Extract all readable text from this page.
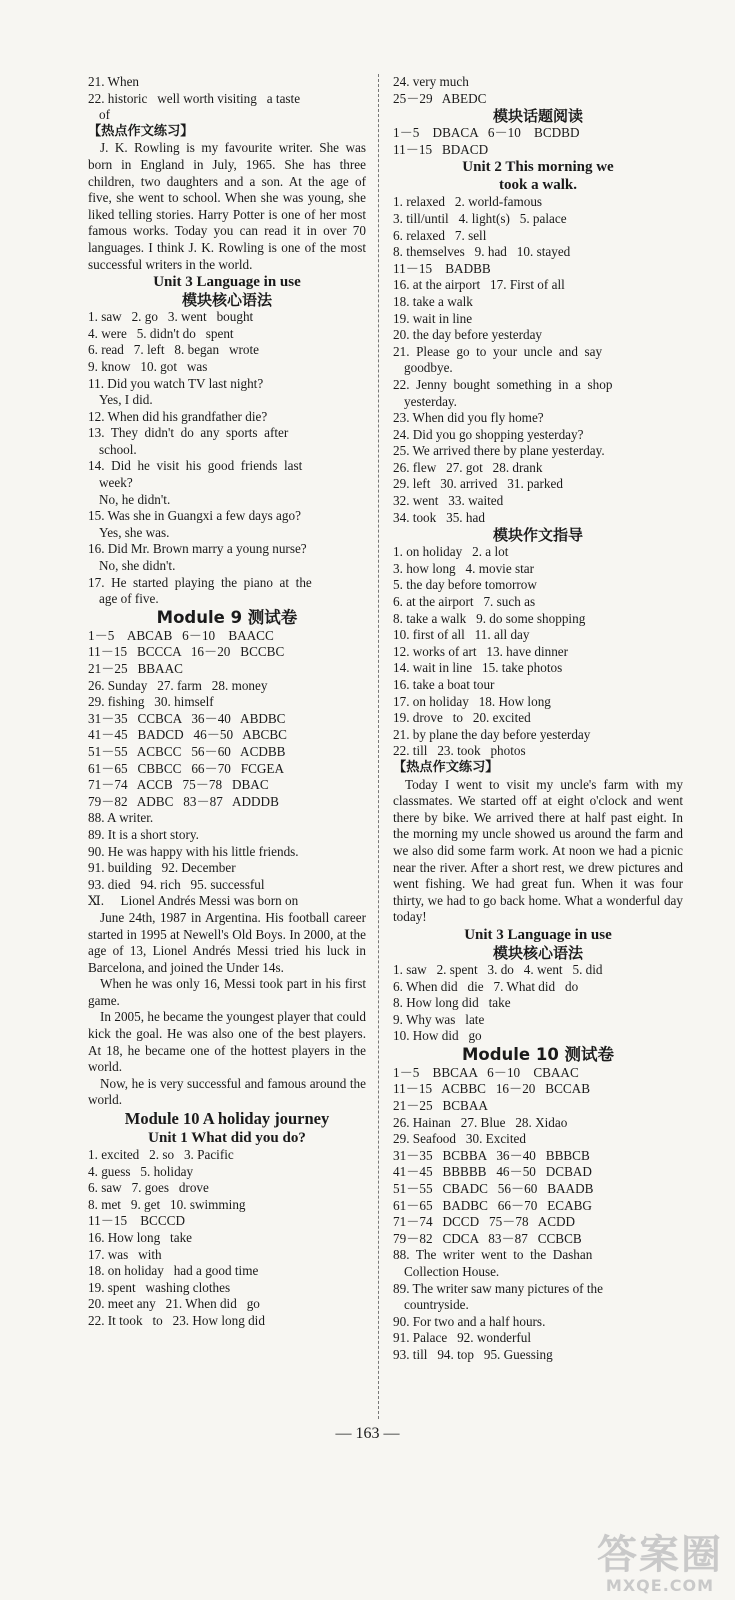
21. When
22. historic   well worth visiting   a taste
of
【热点作文练习】
J. K. Rowling is my favourite writer. She was born in England in July, 1965. She has three children, two daughters and a son. At the age of five, she went to school. When she was young, she liked telling stories. Harry Potter is one of her most famous works. Today you can read it in over 70 languages. I think J. K. Rowling is one of the most successful writers in the world.
Unit 3 Language in use
模块核心语法
1. saw   2. go   3. went   bought
4. were   5. didn't do   spent
6. read   7. left   8. began   wrote
9. know   10. got   was
11. Did you watch TV last night?
Yes, I did.
12. When did his grandfather die?
13.  They  didn't  do  any  sports  after
school.
14.  Did  he  visit  his  good  friends  last
week?
No, he didn't.
15. Was she in Guangxi a few days ago?
Yes, she was.
16. Did Mr. Brown marry a young nurse?
No, she didn't.
17.  He  started  playing  the  piano  at  the
age of five.
Module 9 测试卷
1－5    ABCAB   6－10    BAACC
11－15   BCCCA   16－20   BCCBC
21－25   BBAAC
26. Sunday   27. farm   28. money
29. fishing   30. himself
31－35   CCBCA   36－40   ABDBC
41－45   BADCD   46－50   ABCBC
51－55   ACBCC   56－60   ACDBB
61－65   CBBCC   66－70   FCGEA
71－74   ACCB   75－78   DBAC
79－82   ADBC   83－87   ADDDB
88. A writer.
89. It is a short story.
90. He was happy with his little friends.
91. building   92. December
93. died   94. rich   95. successful
Ⅺ.     Lionel Andrés Messi was born on
June 24th, 1987 in Argentina. His football career started in 1995 at Newell's Old Boys. In 2000, at the age of 13, Lionel Andrés Messi tried his luck in Barcelona, and joined the Under 14s.
When he was only 16, Messi took part in his first game.
In 2005, he became the youngest player that could kick the goal. He was also one of the best players. At 18, he became one of the hottest players in the world.
Now, he is very successful and famous around the world.
Module 10 A holiday journey
Unit 1 What did you do?
1. excited   2. so   3. Pacific
4. guess   5. holiday
6. saw   7. goes   drove
8. met   9. get   10. swimming
11－15    BCCCD
16. How long   take
17. was   with
18. on holiday   had a good time
19. spent   washing clothes
20. meet any   21. When did   go
22. It took   to   23. How long did
24. very much
25－29   ABEDC
模块话题阅读
1－5    DBACA   6－10    BCDBD
11－15   BDACD
Unit 2 This morning we
took a walk.
1. relaxed   2. world-famous
3. till/until   4. light(s)   5. palace
6. relaxed   7. sell
8. themselves   9. had   10. stayed
11－15    BADBB
16. at the airport   17. First of all
18. take a walk
19. wait in line
20. the day before yesterday
21.  Please  go  to  your  uncle  and  say
goodbye.
22.  Jenny  bought  something  in  a  shop
yesterday.
23. When did you fly home?
24. Did you go shopping yesterday?
25. We arrived there by plane yesterday.
26. flew   27. got   28. drank
29. left   30. arrived   31. parked
32. went   33. waited
34. took   35. had
模块作文指导
1. on holiday   2. a lot
3. how long   4. movie star
5. the day before tomorrow
6. at the airport   7. such as
8. take a walk   9. do some shopping
10. first of all   11. all day
12. works of art   13. have dinner
14. wait in line   15. take photos
16. take a boat tour
17. on holiday   18. How long
19. drove   to   20. excited
21. by plane the day before yesterday
22. till   23. took   photos
【热点作文练习】
Today I went to visit my uncle's farm with my classmates. We started off at eight o'clock and went there by bike. We arrived there at half past eight. In the morning my uncle showed us around the farm and we also did some farm work. At noon we had a picnic near the river. After a short rest, we drew pictures and went fishing. We had great fun. When it was four thirty, we had to go back home. What a wonderful day today!
Unit 3 Language in use
模块核心语法
1. saw   2. spent   3. do   4. went   5. did
6. When did   die   7. What did   do
8. How long did   take
9. Why was   late
10. How did   go
Module 10 测试卷
1－5    BBCAA   6－10    CBAAC
11－15   ACBBC   16－20   BCCAB
21－25   BCBAA
26. Hainan   27. Blue   28. Xidao
29. Seafood   30. Excited
31－35   BCBBA   36－40   BBBCB
41－45   BBBBB   46－50   DCBAD
51－55   CBADC   56－60   BAADB
61－65   BADBC   66－70   ECABG
71－74   DCCD   75－78   ACDD
79－82   CDCA   83－87   CCBCB
88.  The  writer  went  to  the  Dashan
Collection House.
89. The writer saw many pictures of the
countryside.
90. For two and a half hours.
91. Palace   92. wonderful
93. till   94. top   95. Guessing
— 163 —
答案圈
MXQE.COM
